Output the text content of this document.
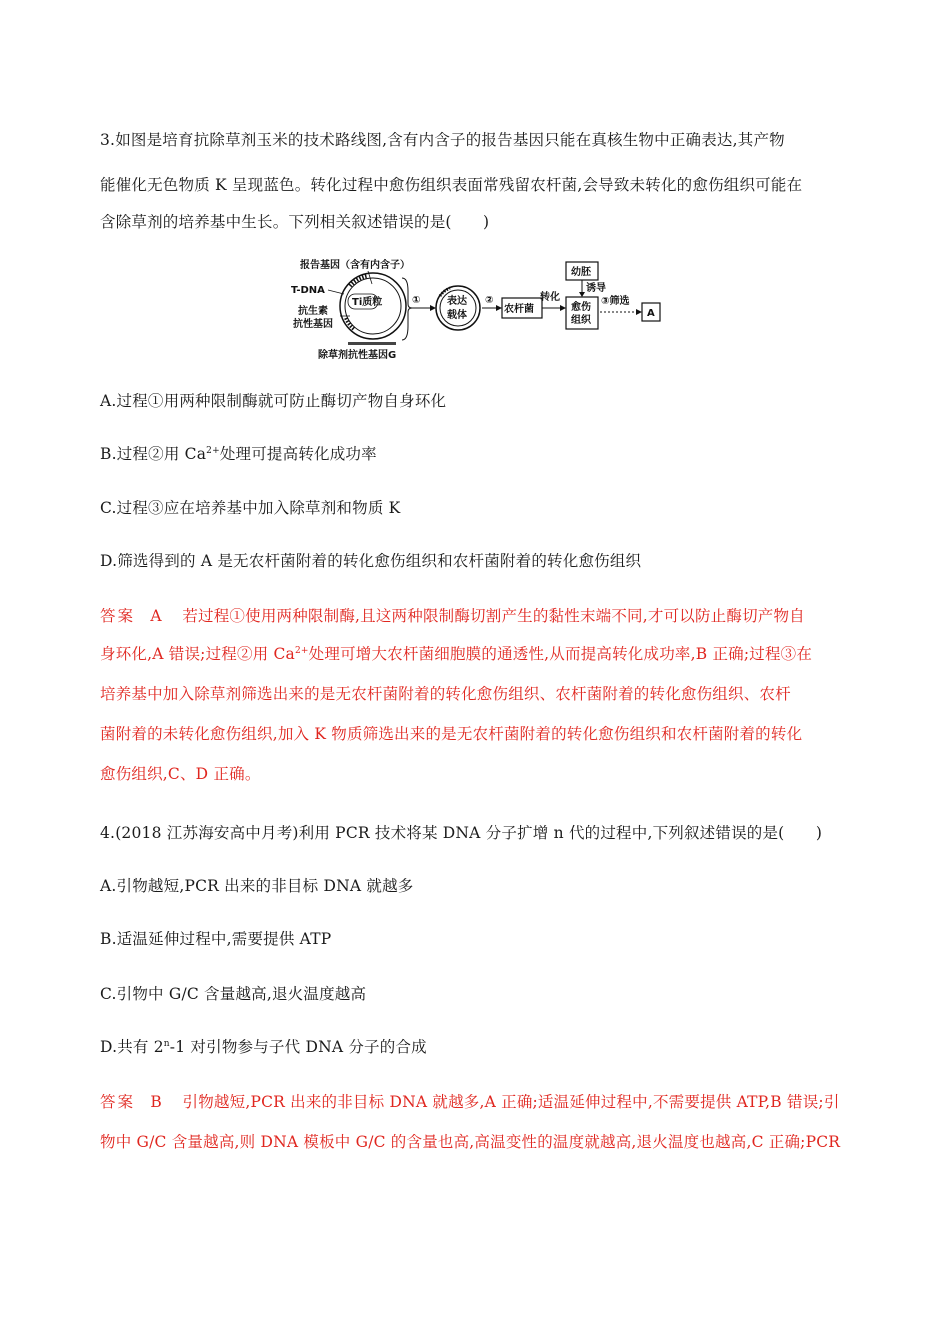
3.如图是培育抗除草剂玉米的技术路线图,含有内含子的报告基因只能在真核生物中正确表达,其产物
能催化无色物质 K 呈现蓝色。转化过程中愈伤组织表面常残留农杆菌,会导致未转化的愈伤组织可能在
含除草剂的培养基中生长。下列相关叙述错误的是(　　)
报告基因（含有内含子）
T-DNA
抗生素
抗性基因
Ti质粒
除草剂抗性基因G
①	表达
载体
②
农杆菌
转化
幼胚
诱导
愈伤
组织
③筛选
A
A.过程①用两种限制酶就可防止酶切产物自身环化
B.过程②用 $Ca^{2+}$处理可提高转化成功率
C.过程③应在培养基中加入除草剂和物质 K
D.筛选得到的 A 是无农杆菌附着的转化愈伤组织和农杆菌附着的转化愈伤组织
答案 A 若过程①使用两种限制酶,且这两种限制酶切割产生的黏性末端不同,才可以防止酶切产物自
身环化,A 错误;过程②用 $Ca^{2+}$处理可增大农杆菌细胞膜的通透性,从而提高转化成功率,B 正确;过程③在
培养基中加入除草剂筛选出来的是无农杆菌附着的转化愈伤组织、农杆菌附着的转化愈伤组织、农杆
菌附着的未转化愈伤组织,加入 K 物质筛选出来的是无农杆菌附着的转化愈伤组织和农杆菌附着的转化
愈伤组织,C、D 正确。
4.(2018 江苏海安高中月考)利用 PCR 技术将某 DNA 分子扩增 n 代的过程中,下列叙述错误的是(　　)
A.引物越短,PCR 出来的非目标 DNA 就越多
B.适温延伸过程中,需要提供 ATP
C.引物中 G/C 含量越高,退火温度越高
D.共有 2$^n$-1 对引物参与子代 DNA 分子的合成
答案 B 引物越短,PCR 出来的非目标 DNA 就越多,A 正确;适温延伸过程中,不需要提供 ATP,B 错误;引
物中 G/C 含量越高,则 DNA 模板中 G/C 的含量也高,高温变性的温度就越高,退火温度也越高,C 正确;PCR
